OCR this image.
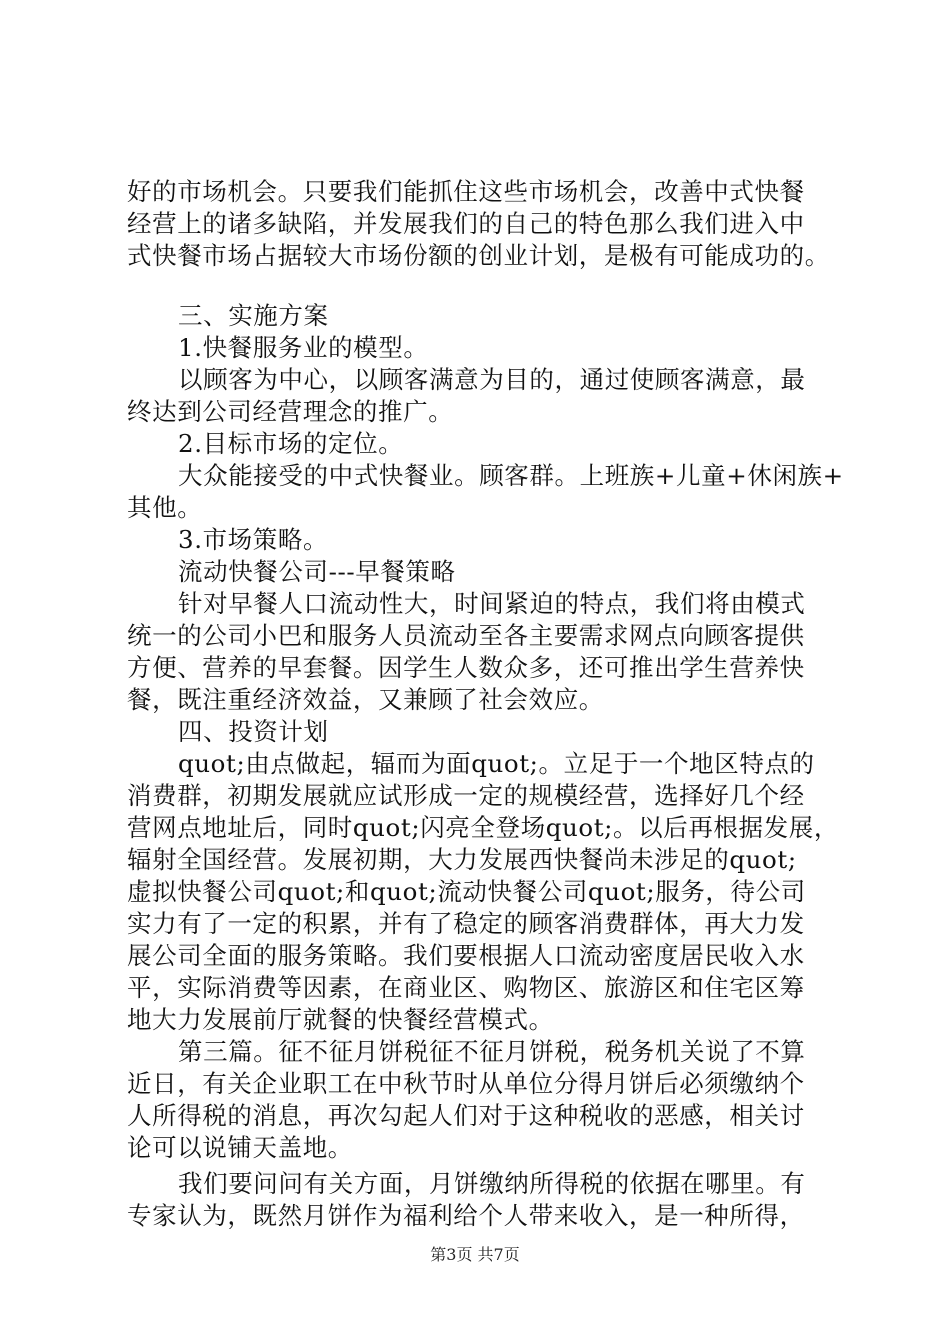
好的市场机会。只要我们能抓住这些市场机会，改善中式快餐
经营上的诸多缺陷，并发展我们的自己的特色那么我们进入中
式快餐市场占据较大市场份额的创业计划，是极有可能成功的。
三、实施方案
1.快餐服务业的模型。
以顾客为中心，以顾客满意为目的，通过使顾客满意，最
终达到公司经营理念的推广。
2.目标市场的定位。
大众能接受的中式快餐业。顾客群。上班族+儿童+休闲族+
其他。
3.市场策略。
流动快餐公司---早餐策略
针对早餐人口流动性大，时间紧迫的特点，我们将由模式
统一的公司小巴和服务人员流动至各主要需求网点向顾客提供
方便、营养的早套餐。因学生人数众多，还可推出学生营养快
餐，既注重经济效益，又兼顾了社会效应。
四、投资计划
quot;由点做起，辐而为面quot;。立足于一个地区特点的
消费群，初期发展就应试形成一定的规模经营，选择好几个经
营网点地址后，同时quot;闪亮全登场quot;。以后再根据发展，
辐射全国经营。发展初期，大力发展西快餐尚未涉足的quot;
虚拟快餐公司quot;和quot;流动快餐公司quot;服务，待公司
实力有了一定的积累，并有了稳定的顾客消费群体，再大力发
展公司全面的服务策略。我们要根据人口流动密度居民收入水
平，实际消费等因素，在商业区、购物区、旅游区和住宅区筹
地大力发展前厅就餐的快餐经营模式。
第三篇。征不征月饼税征不征月饼税，税务机关说了不算
近日，有关企业职工在中秋节时从单位分得月饼后必须缴纳个
人所得税的消息，再次勾起人们对于这种税收的恶感，相关讨
论可以说铺天盖地。
我们要问问有关方面，月饼缴纳所得税的依据在哪里。有
专家认为，既然月饼作为福利给个人带来收入，是一种所得，
第3页 共7页
